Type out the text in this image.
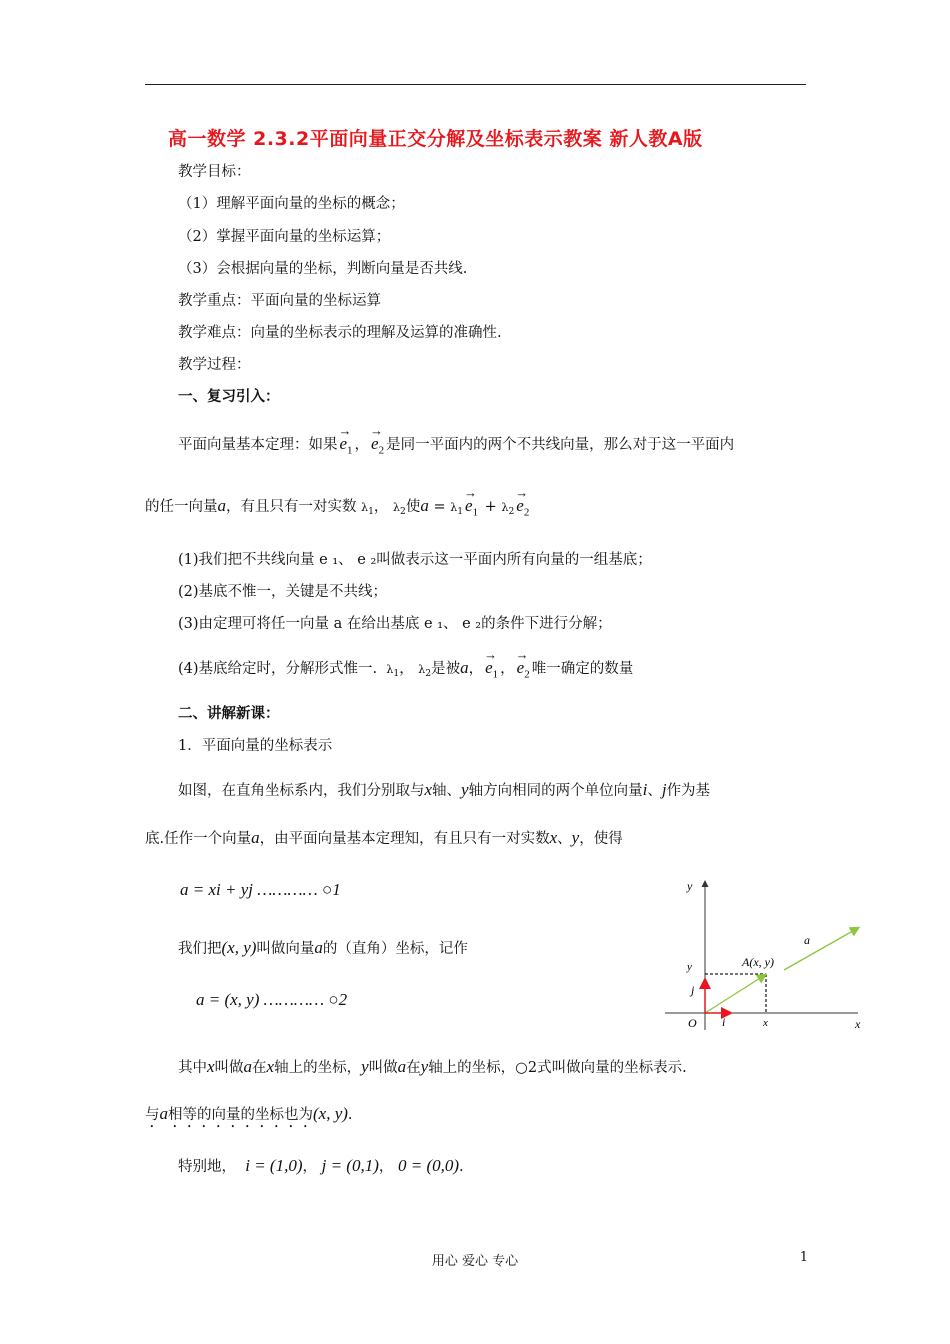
高一数学 2.3.2平面向量正交分解及坐标表示教案 新人教A版
教学目标：
（1）理解平面向量的坐标的概念；
（2）掌握平面向量的坐标运算；
（3）会根据向量的坐标，判断向量是否共线.
教学重点：平面向量的坐标运算
教学难点：向量的坐标表示的理解及运算的准确性.
教学过程：
一、复习引入：
平面向量基本定理：如果
→
$e_1$ ，
→
$e_2$ 是同一平面内的两个不共线向量，那么对于这一平面内
的任一向量a，有且只有一对实数 $\lambda_1$， $\lambda_2$使$a = \lambda_1$
→
$e_1 + \lambda_2$
→
$e_2$
(1)我们把不共线向量 e ₁、 e ₂叫做表示这一平面内所有向量的一组基底；
(2)基底不惟一，关键是不共线；
(3)由定理可将任一向量 a 在给出基底 e ₁、 e ₂的条件下进行分解；
(4)基底给定时，分解形式惟一. $\lambda_1$， $\lambda_2$是被a，
→
$e_1$ ，
→
$e_2$ 唯一确定的数量
二、讲解新课：
1．平面向量的坐标表示
如图，在直角坐标系内，我们分别取与x轴、y轴方向相同的两个单位向量i、j作为基
底.任作一个向量a，由平面向量基本定理知，有且只有一对实数x、y，使得
a = xi + yj ………… ○1
我们把(x, y)叫做向量a的（直角）坐标，记作
a = (x, y) ………… ○2
其中x叫做a在x轴上的坐标，y叫做a在y轴上的坐标，○2式叫做向量的坐标表示.
与a相等的向量的坐标也为(x, y).
特别地， i = (1,0)， j = (0,1)， 0 = (0,0).
y
x
O
A(x, y)
a
i
j
x
y
用心 爱心 专心	1
